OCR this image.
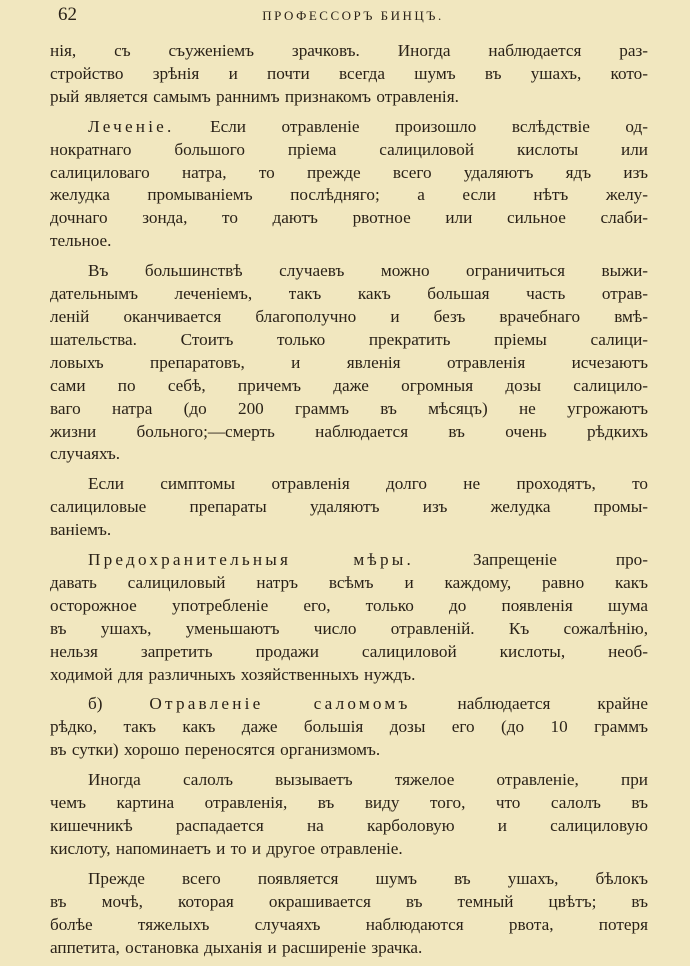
62	ПРОФЕССОРЪ БИНЦЪ.
нія, съ съуженіемъ зрачковъ. Иногда наблюдается раз-
стройство зрѣнія и почти всегда шумъ въ ушахъ, кото-
рый является самымъ раннимъ признакомъ отравленія.
Леченіе. Если отравленіе произошло вслѣдствіе од-
нократнаго большого пріема салициловой кислоты или
салициловаго натра, то прежде всего удаляютъ ядъ изъ
желудка промываніемъ послѣдняго; а если нѣтъ желу-
дочнаго зонда, то даютъ рвотное или сильное слаби-
тельное.
Въ большинствѣ случаевъ можно ограничиться выжи-
дательнымъ леченіемъ, такъ какъ большая часть отрав-
леній оканчивается благополучно и безъ врачебнаго вмѣ-
шательства. Стоитъ только прекратить пріемы салици-
ловыхъ препаратовъ, и явленія отравленія исчезаютъ
сами по себѣ, причемъ даже огромныя дозы салицило-
ваго натра (до 200 граммъ въ мѣсяцъ) не угрожаютъ
жизни больного;—смерть наблюдается въ очень рѣдкихъ
случаяхъ.
Если симптомы отравленія долго не проходятъ, то
салициловые препараты удаляютъ изъ желудка промы-
ваніемъ.
Предохранительныя мѣры. Запрещеніе про-
давать салициловый натръ всѣмъ и каждому, равно какъ
осторожное употребленіе его, только до появленія шума
въ ушахъ, уменьшаютъ число отравленій. Къ сожалѣнію,
нельзя запретить продажи салициловой кислоты, необ-
ходимой для различныхъ хозяйственныхъ нуждъ.
б) Отравленіе саломомъ наблюдается крайне
рѣдко, такъ какъ даже большія дозы его (до 10 граммъ
въ сутки) хорошо переносятся организмомъ.
Иногда салолъ вызываетъ тяжелое отравленіе, при
чемъ картина отравленія, въ виду того, что салолъ въ
кишечникѣ распадается на карболовую и салициловую
кислоту, напоминаетъ и то и другое отравленіе.
Прежде всего появляется шумъ въ ушахъ, бѣлокъ
въ мочѣ, которая окрашивается въ темный цвѣтъ; въ
болѣе тяжелыхъ случаяхъ наблюдаются рвота, потеря
аппетита, остановка дыханія и расширеніе зрачка.
